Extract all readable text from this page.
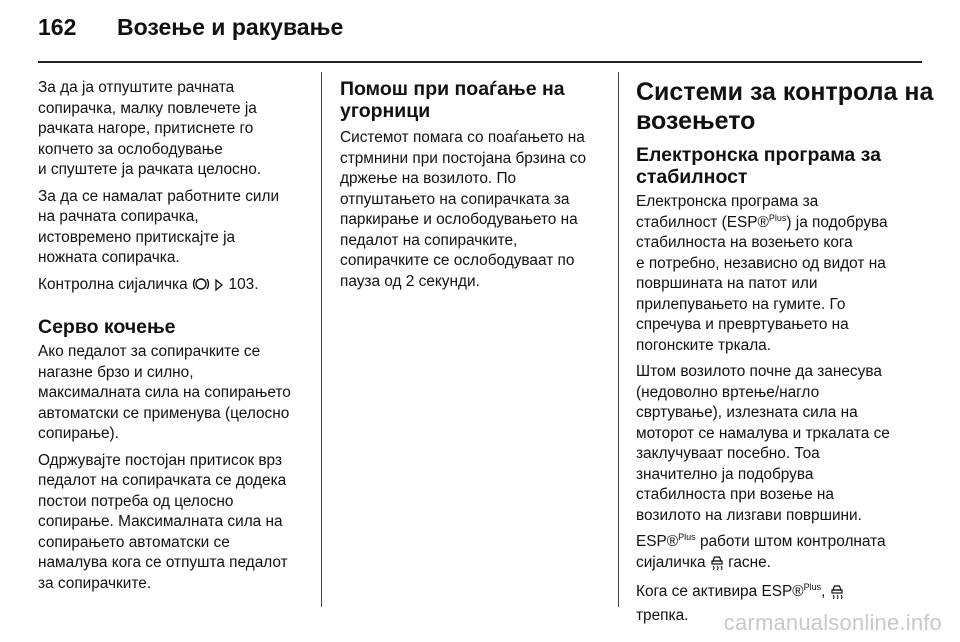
162 Возење и ракување

За да ја отпуштите рачната
сопирачка, малку повлечете ја
рачката нагоре, притиснете го
копчето за ослободување
и спуштете ја рачката целосно.

За да се намалат работните сили
на рачната сопирачка,
истовремено притискајте ја
ножната сопирачка.

Контролна сијаличка	103.

Серво кочење

Ако педалот за сопирачките се
нагазне брзо и силно,
максималната сила на сопирањето
автоматски се применува (целосно
сопирање).

Одржувајте постојан притисок врз
педалот на сопирачката се додека
постои потреба од целосно
сопирање. Максималната сила на
сопирањето автоматски се
намалува кога се отпушта педалот
за сопирачките.

Помош при поаѓање на
угорници

Системот помага со поаѓањето на
стрмнини при постојана брзина со
држење на возилото. По
отпуштањето на сопирачката за
паркирање и ослободувањето на
педалот на сопирачките,
сопирачките се ослободуваат по
пауза од 2 секунди.

Системи за контрола на
возењето
Електронска програма за
стабилност

Електронска програма за
стабилност (ESP®$^{Plus}$) ја подобрува
стабилноста на возењето кога
е потребно, независно од видот на
површината на патот или
прилепувањето на гумите. Го
спречува и превртувањето на
погонските тркала.

Штом возилото почне да занесува
(недоволно вртење/нагло
свртување), излезната сила на
моторот се намалува и тркалата се
заклучуваат посебно. Тоа
значително ја подобрува
стабилноста при возење на
возилото на лизгави површини.

ESP®$^{Plus}$ работи штом контролната
сијаличка гасне.

Кога се активира ESP®$^{Plus}$,
трепка.	carmanualsonline.info
